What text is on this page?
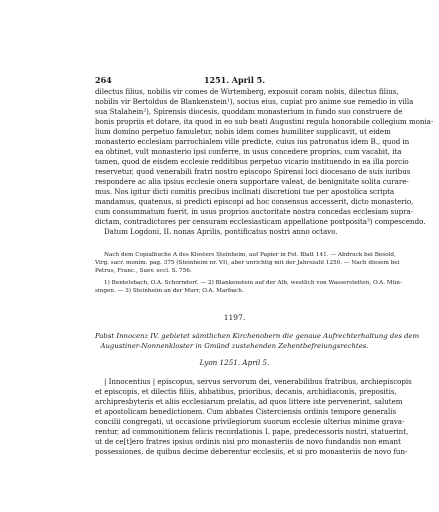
264	1251. April 5.
dilectus filius, nobilis vir comes de Wirtemberg, exposuit coram nobis, dilectus filius,
nobilis vir Bertoldus de Blankenstein¹), socius eius, cupiat pro anime sue remedio in villa
sua Stalahein²), Spirensis diocesis, quoddam monasterium in fundo suo construere de
bonis propriis et dotare, ita quod in eo sub beati Augustini regula honorabile collegium monia-
lium domino perpetuo famuletur, nobis idem comes humiliter supplicavit, ut eidem
monasterio ecclesiam parrochialem ville predicte, cuius ius patronatus idem B., quod in
ea obtinet, vult monasterio ipsi conferre, in usus concedere proprios, cum vacabit, ita
tamen, quod de eisdem ecclesie redditibus perpetuo vicario instituendo in ea illa porcio
reservetur, quod venerabili fratri nostro episcopo Spirensi loci diocesano de suis iuribus
respondere ac alia ipsius ecclesie onera supportare valeat, de benignitate solita curare-
mus. Nos igitur dicti comitis precibus inclinati discretioni tue per apostolica scripta
mandamus, quatenus, si predicti episcopi ad hoc consensus accesserit, dicto monasterio,
cum consummatum fuerit, in usus proprios auctoritate nostra concedas ecclesiam supra-
dictam, contradictores per censuram ecclesiasticam appellatione postposita³) compescendo.
Datum Logdoni, II. nonas Aprilis, pontificatus nostri anno octavo.
Nach dem Copialbuche A des Klosters Steinheim, auf Papier in Fol. Blatt 141. — Abdruck bei Besold,
Virg. sacr. monim. pag. 375 (Steinheim nr. VI), aber unrichtig mit der Jahrszahl 1250. — Nach diesem bei
Petrus, Franc., Suev. eccl. S. 756.
1) Bentelsbach, O.A. Schorndorf. — 2) Blankenstein auf der Alb, westlich von Wasserstetten, O.A. Mün-
singen. — 3) Steinheim an der Murr, O.A. Marbach.
1197.
Pabst Innocenz IV. gebietet sämtlichen Kirchenobern die genaue Aufrechterhaltung des dem
Augustiner-Nonnenkloster in Gmünd zustehenden Zehentbefreiungsrechtes.
Lyon 1251. April 5.
| Innocentius | episcopus, servus servorum dei, venerabilibus fratribus, archiepiscopis
et episcopis, et dilectis filiis, abbatibus, prioribus, decanis, archidiaconis, prepositis,
archipresbyteris et aliis ecclesiarum prelatis, ad quos littere iste pervenerint, salutem
et apostolicam benedictionem. Cum abbates Cisterciensis ordinis tempore generalis
concilii congregati, ut occasione privilegiorum suorum ecclesie ulterius minime grava-
rentur, ad commonitionem felicis recordationis I. pape, predecessoris nostri, statuerint,
ut de ce[t]ero fratres ipsius ordinis nisi pro monasteriis de novo fundandis non emant
possessiones, de quibus decime deberentur ecclesiis, et si pro monasteriis de novo fun-
